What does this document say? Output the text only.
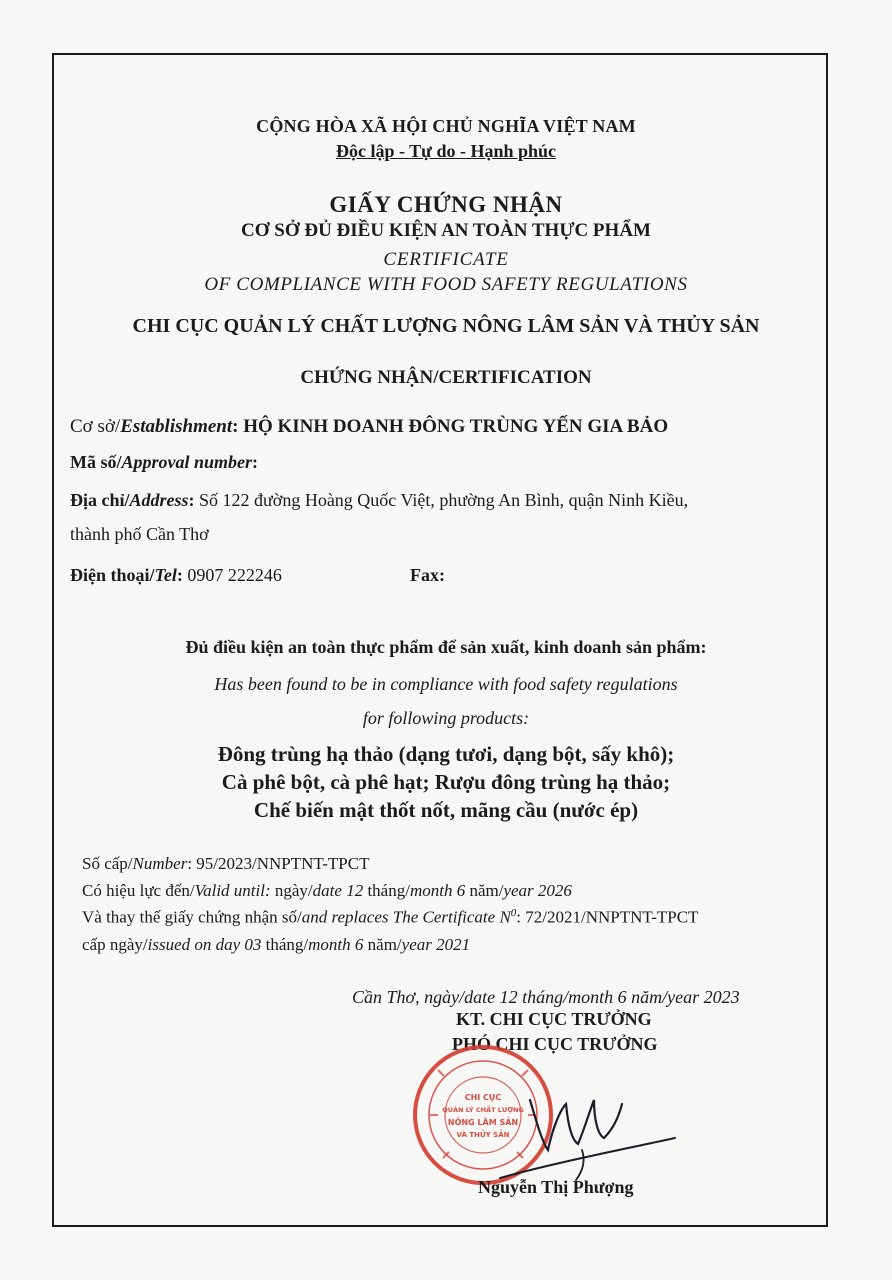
CỘNG HÒA XÃ HỘI CHỦ NGHĨA VIỆT NAM
Độc lập - Tự do - Hạnh phúc
GIẤY CHỨNG NHẬN
CƠ SỞ ĐỦ ĐIỀU KIỆN AN TOÀN THỰC PHẨM
CERTIFICATE
OF COMPLIANCE WITH FOOD SAFETY REGULATIONS
CHI CỤC QUẢN LÝ CHẤT LƯỢNG NÔNG LÂM SẢN VÀ THỦY SẢN
CHỨNG NHẬN/CERTIFICATION
Cơ sở/Establishment: HỘ KINH DOANH ĐÔNG TRÙNG YẾN GIA BẢO
Mã số/Approval number:
Địa chỉ/Address: Số 122 đường Hoàng Quốc Việt, phường An Bình, quận Ninh Kiều,
thành phố Cần Thơ
Điện thoại/Tel: 0907 222246	Fax:
Đủ điều kiện an toàn thực phẩm để sản xuất, kinh doanh sản phẩm:
Has been found to be in compliance with food safety regulations
for following products:
Đông trùng hạ thảo (dạng tươi, dạng bột, sấy khô);
Cà phê bột, cà phê hạt; Rượu đông trùng hạ thảo;
Chế biến mật thốt nốt, mãng cầu (nước ép)
Số cấp/Number: 95/2023/NNPTNT-TPCT
Có hiệu lực đến/Valid until: ngày/date 12 tháng/month 6 năm/year 2026
Và thay thế giấy chứng nhận số/and replaces The Certificate $N^0$: 72/2021/NNPTNT-TPCT
cấp ngày/issued on day 03 tháng/month 6 năm/year 2021
Cần Thơ, ngày/date 12 tháng/month 6 năm/year 2023
KT. CHI CỤC TRƯỞNG
PHÓ CHI CỤC TRƯỞNG
CHI CỤC
QUẢN LÝ CHẤT LƯỢNG
NÔNG LÂM SẢN
VÀ THỦY SẢN
Nguyễn Thị Phượng
